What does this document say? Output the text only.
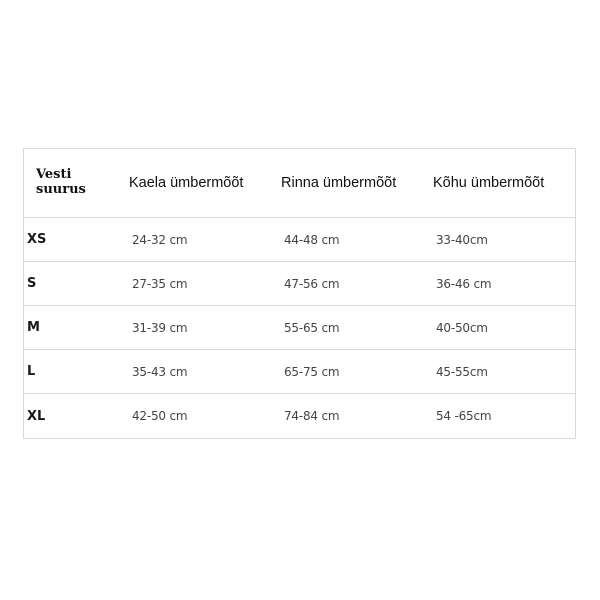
Vesti
suurus	Kaela ümbermõõt	Rinna ümbermõõt	Kõhu ümbermõõt
XS	24-32 cm	44-48 cm	33-40cm
S	27-35 cm	47-56 cm	36-46 cm
M	31-39 cm	55-65 cm	40-50cm
L	35-43 cm	65-75 cm	45-55cm
XL	42-50 cm	74-84 cm	54 -65cm
